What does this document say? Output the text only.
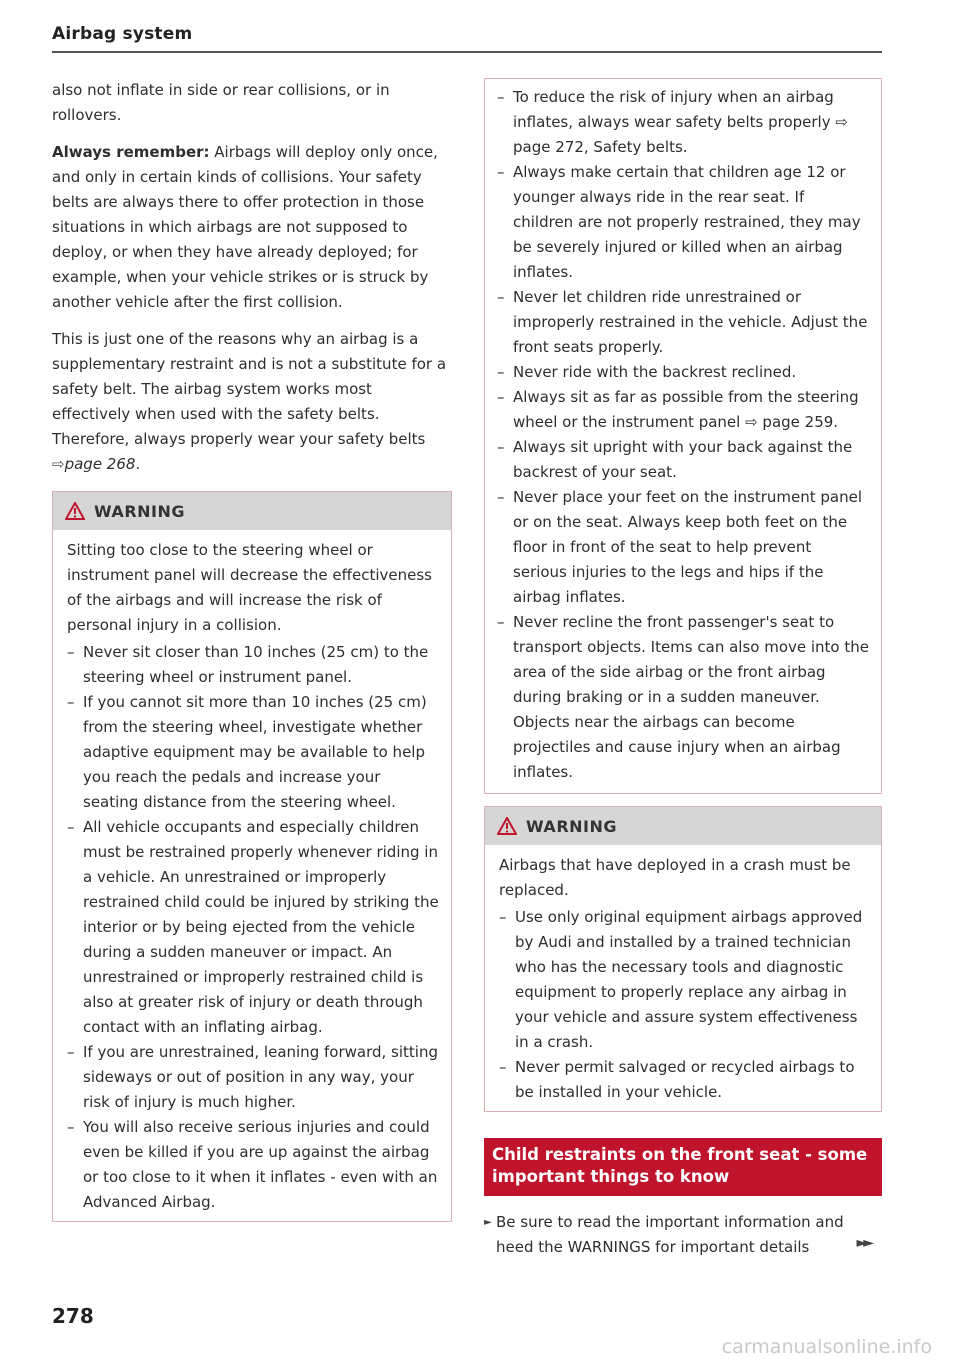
Airbag system

also not inflate in side or rear collisions, or in rollovers.

Always remember: Airbags will deploy only once, and only in certain kinds of collisions. Your safety belts are always there to offer protection in those situations in which airbags are not supposed to deploy, or when they have already deployed; for example, when your vehicle strikes or is struck by another vehicle after the first collision.

This is just one of the reasons why an airbag is a supplementary restraint and is not a substitute for a safety belt. The airbag system works most effectively when used with the safety belts. Therefore, always properly wear your safety belts
⇨page 268.

WARNING

Sitting too close to the steering wheel or instrument panel will decrease the effectiveness of the airbags and will increase the risk of personal injury in a collision.

– Never sit closer than 10 inches (25 cm) to the steering wheel or instrument panel.
– If you cannot sit more than 10 inches (25 cm) from the steering wheel, investigate whether adaptive equipment may be available to help you reach the pedals and increase your seating distance from the steering wheel.
– All vehicle occupants and especially children must be restrained properly whenever riding in a vehicle. An unrestrained or improperly restrained child could be injured by striking the interior or by being ejected from the vehicle during a sudden maneuver or impact. An unrestrained or improperly restrained child is also at greater risk of injury or death through contact with an inflating airbag.
– If you are unrestrained, leaning forward, sitting sideways or out of position in any way, your risk of injury is much higher.
– You will also receive serious injuries and could even be killed if you are up against the airbag or too close to it when it inflates - even with an Advanced Airbag.
– To reduce the risk of injury when an airbag inflates, always wear safety belts properly ⇨ page 272, Safety belts.
– Always make certain that children age 12 or younger always ride in the rear seat. If children are not properly restrained, they may be severely injured or killed when an airbag inflates.
– Never let children ride unrestrained or improperly restrained in the vehicle. Adjust the front seats properly.
– Never ride with the backrest reclined.
– Always sit as far as possible from the steering wheel or the instrument panel ⇨ page 259.
– Always sit upright with your back against the backrest of your seat.
– Never place your feet on the instrument panel or on the seat. Always keep both feet on the floor in front of the seat to help prevent serious injuries to the legs and hips if the airbag inflates.
– Never recline the front passenger's seat to transport objects. Items can also move into the area of the side airbag or the front airbag during braking or in a sudden maneuver. Objects near the airbags can become projectiles and cause injury when an airbag inflates.
WARNING

Airbags that have deployed in a crash must be replaced.

– Use only original equipment airbags approved by Audi and installed by a trained technician who has the necessary tools and diagnostic equipment to properly replace any airbag in your vehicle and assure system effectiveness in a crash.
– Never permit salvaged or recycled airbags to be installed in your vehicle.
Child restraints on the front seat - some important things to know
► Be sure to read the important information and heed the WARNINGS for important details	►►
278
carmanualsonline.info
